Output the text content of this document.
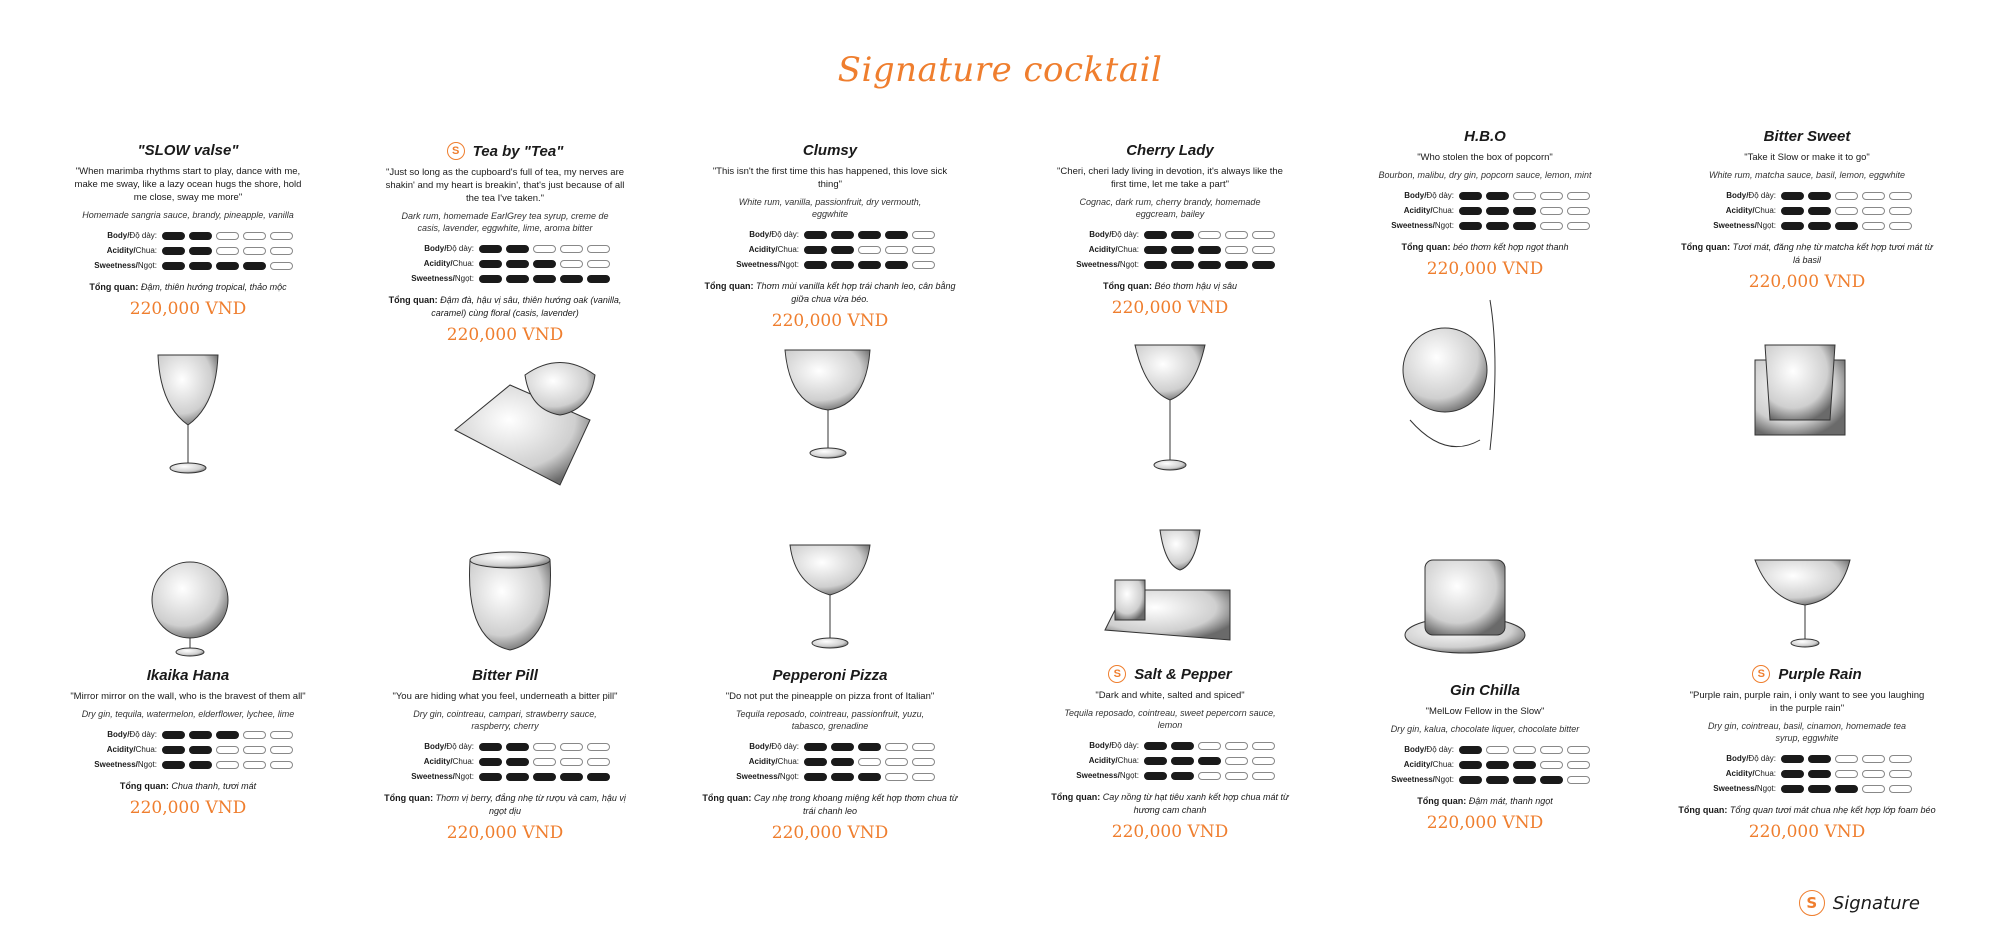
Signature cocktail
"SLOW valse"
"When marimba rhythms start to play, dance with me, make me sway, like a lazy ocean hugs the shore, hold me close, sway me more"
Homemade sangria sauce, brandy, pineapple, vanilla
Body/Độ dày:
Acidity/Chua:
Sweetness/Ngọt:
Tổng quan: Đậm, thiên hướng tropical, thảo mộc
220,000 VND
S Tea by "Tea"
"Just so long as the cupboard's full of tea, my nerves are shakin' and my heart is breakin', that's just because of all the tea I've taken."
Dark rum, homemade EarlGrey tea syrup, creme de casis, lavender, eggwhite, lime, aroma bitter
Body/Độ dày:
Acidity/Chua:
Sweetness/Ngọt:
Tổng quan: Đậm đà, hậu vị sâu, thiên hướng oak (vanilla, caramel) cùng floral (casis, lavender)
220,000 VND
Clumsy
"This isn't the first time this has happened, this love sick thing"
White rum, vanilla, passionfruit, dry vermouth, eggwhite
Body/Độ dày:
Acidity/Chua:
Sweetness/Ngọt:
Tổng quan: Thơm mùi vanilla kết hợp trái chanh leo, cân bằng giữa chua vừa béo.
220,000 VND
Cherry Lady
"Cheri, cheri lady living in devotion, it's always like the first time, let me take a part"
Cognac, dark rum, cherry brandy, homemade eggcream, bailey
Body/Độ dày:
Acidity/Chua:
Sweetness/Ngọt:
Tổng quan: Béo thơm hậu vị sâu
220,000 VND
H.B.O
"Who stolen the box of popcorn"
Bourbon, malibu, dry gin, popcorn sauce, lemon, mint
Body/Độ dày:
Acidity/Chua:
Sweetness/Ngọt:
Tổng quan: béo thơm kết hợp ngọt thanh
220,000 VND
Bitter Sweet
"Take it Slow or make it to go"
White rum, matcha sauce, basil, lemon, eggwhite
Body/Độ dày:
Acidity/Chua:
Sweetness/Ngọt:
Tổng quan: Tươi mát, đăng nhẹ từ matcha kết hợp tươi mát từ lá basil
220,000 VND
Ikaika Hana
"Mirror mirror on the wall, who is the bravest of them all"
Dry gin, tequila, watermelon, elderflower, lychee, lime
Body/Độ dày:
Acidity/Chua:
Sweetness/Ngọt:
Tổng quan: Chua thanh, tươi mát
220,000 VND
Bitter Pill
"You are hiding what you feel, underneath a bitter pill"
Dry gin, cointreau, campari, strawberry sauce, raspberry, cherry
Body/Độ dày:
Acidity/Chua:
Sweetness/Ngọt:
Tổng quan: Thơm vị berry, đắng nhẹ từ rượu và cam, hậu vị ngọt dịu
220,000 VND
Pepperoni Pizza
"Do not put the pineapple on pizza front of Italian"
Tequila reposado, cointreau, passionfruit, yuzu, tabasco, grenadine
Body/Độ dày:
Acidity/Chua:
Sweetness/Ngọt:
Tổng quan: Cay nhẹ trong khoang miệng kết hợp thơm chua từ trái chanh leo
220,000 VND
S Salt & Pepper
"Dark and white, salted and spiced"
Tequila reposado, cointreau, sweet pepercorn sauce, lemon
Body/Độ dày:
Acidity/Chua:
Sweetness/Ngọt:
Tổng quan: Cay nồng từ hạt tiêu xanh kết hợp chua mát từ hương cam chanh
220,000 VND
Gin Chilla
"MelLow Fellow in the Slow"
Dry gin, kalua, chocolate liquer, chocolate bitter
Body/Độ dày:
Acidity/Chua:
Sweetness/Ngọt:
Tổng quan: Đậm mát, thanh ngọt
220,000 VND
S Purple Rain
"Purple rain, purple rain, i only want to see you laughing in the purple rain"
Dry gin, cointreau, basil, cinamon, homemade tea syrup, eggwhite
Body/Độ dày:
Acidity/Chua:
Sweetness/Ngọt:
Tổng quan: Tổng quan tươi mát chua nhẹ kết hợp lớp foam béo
220,000 VND
S Signature
